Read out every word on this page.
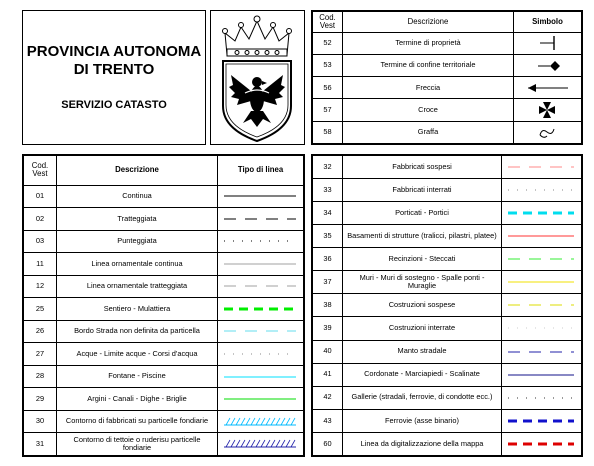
PROVINCIA AUTONOMA
DI TRENTO
SERVIZIO CATASTO
Cod. Vest	Descrizione	Simbolo
52	Termine di proprietà	

53	Termine di confine territoriale	

56	Freccia	

57	Croce	

58	Graffa	
Cod. Vest	Descrizione	Tipo di linea
01	Continua	

02	Tratteggiata	

03	Punteggiata	

11	Linea ornamentale continua	

12	Linea ornamentale tratteggiata	

25	Sentiero - Mulattiera	

26	Bordo Strada non definita da particella	

27	Acque - Limite acque - Corsi d'acqua	

28	Fontane - Piscine	

29	Argini - Canali - Dighe - Briglie	

30	Contorno di fabbricati su particelle fondiarie	

31	Contorno di tettoie o ruderisu particelle fondiarie	
32	Fabbricati sospesi	

33	Fabbricati interrati	

34	Porticati - Portici	

35	Basamenti di strutture (tralicci, pilastri, platee)	

36	Recinzioni - Steccati	

37	Muri - Muri di sostegno - Spalle ponti - Muraglie	

38	Costruzioni sospese	

39	Costruzioni interrate	

40	Manto stradale	

41	Cordonate - Marciapiedi - Scalinate	

42	Gallerie (stradali, ferrovie, di condotte ecc.)	

43	Ferrovie (asse binario)	

60	Linea da digitalizzazione della mappa	
